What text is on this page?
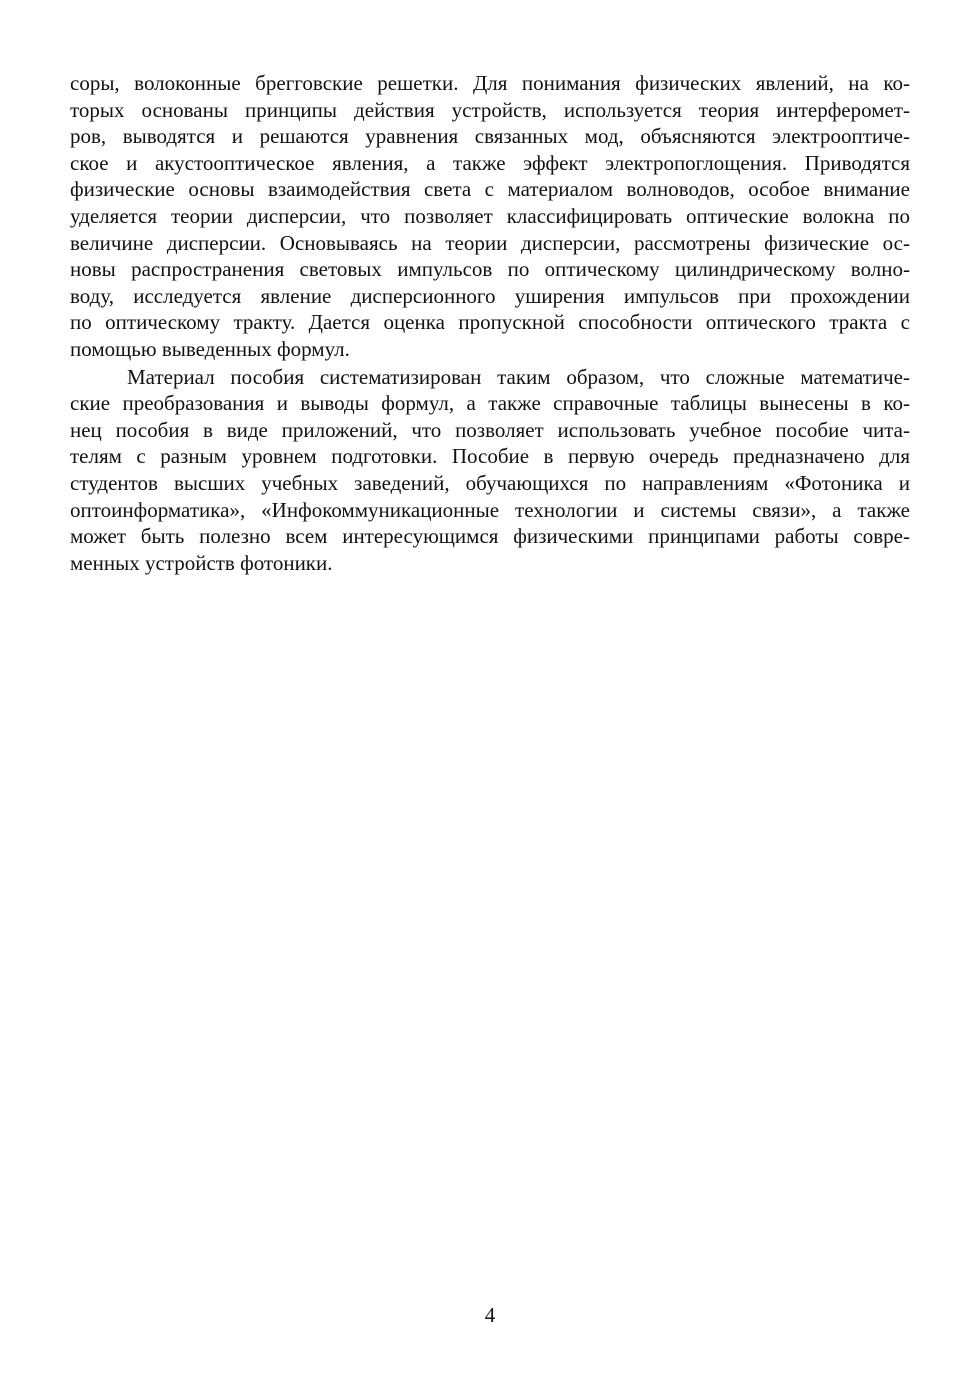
соры, волоконные брегговские решетки. Для понимания физических явлений, на ко-
торых основаны принципы действия устройств, используется теория интерферомет-
ров, выводятся и решаются уравнения связанных мод, объясняются электрооптиче-
ское и акустооптическое явления, а также эффект электропоглощения. Приводятся
физические основы взаимодействия света с материалом волноводов, особое внимание
уделяется теории дисперсии, что позволяет классифицировать оптические волокна по
величине дисперсии. Основываясь на теории дисперсии, рассмотрены физические ос-
новы распространения световых импульсов по оптическому цилиндрическому волно-
воду, исследуется явление дисперсионного уширения импульсов при прохождении
по оптическому тракту. Дается оценка пропускной способности оптического тракта с
помощью выведенных формул.
Материал пособия систематизирован таким образом, что сложные математиче-
ские преобразования и выводы формул, а также справочные таблицы вынесены в ко-
нец пособия в виде приложений, что позволяет использовать учебное пособие чита-
телям с разным уровнем подготовки. Пособие в первую очередь предназначено для
студентов высших учебных заведений, обучающихся по направлениям «Фотоника и
оптоинформатика», «Инфокоммуникационные технологии и системы связи», а также
может быть полезно всем интересующимся физическими принципами работы совре-
менных устройств фотоники.
4
